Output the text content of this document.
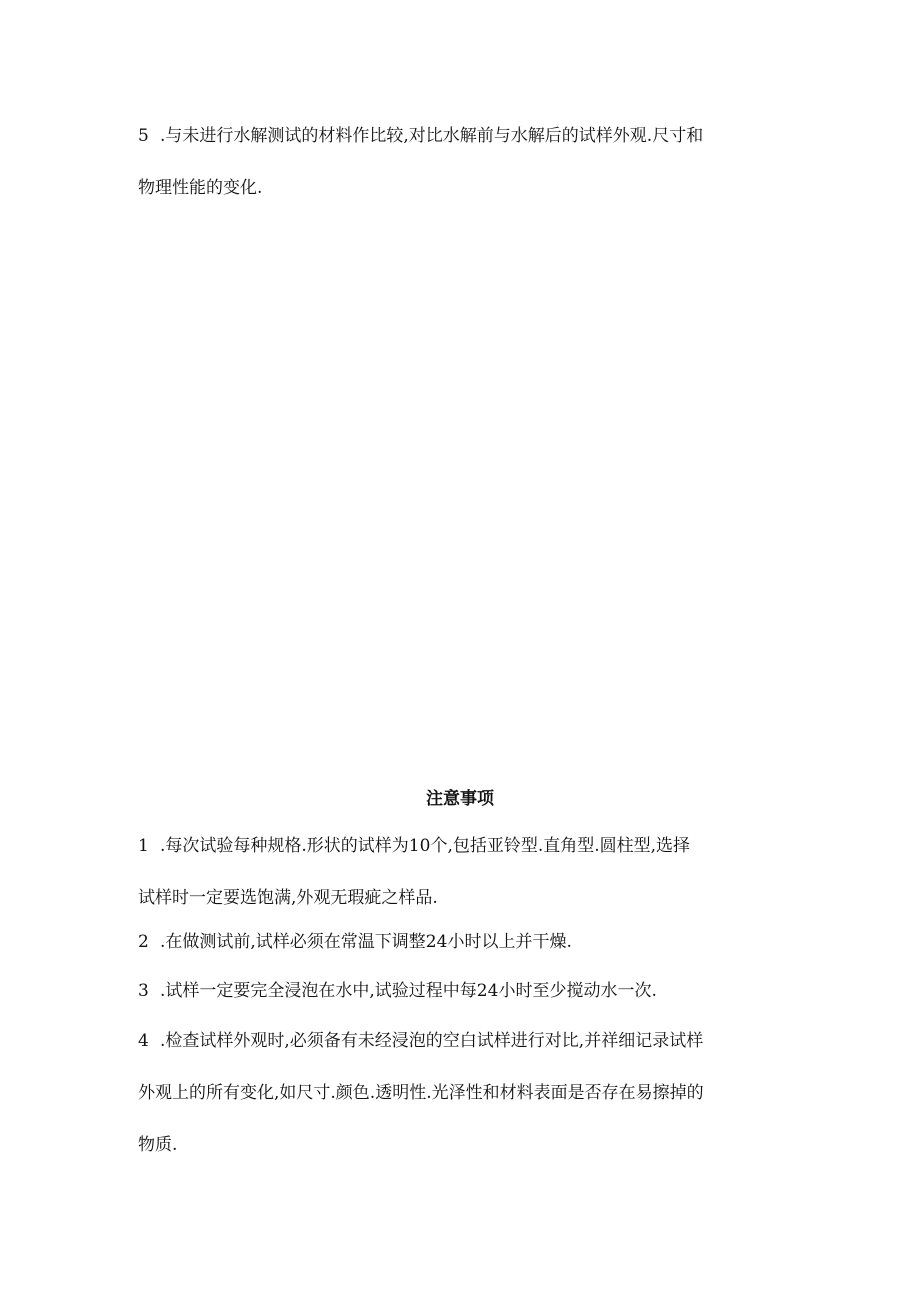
5 .与未进行水解测试的材料作比较,对比水解前与水解后的试样外观.尺寸和
物理性能的变化.
注意事项
1 .每次试验每种规格.形状的试样为10个,包括亚铃型.直角型.圆柱型,选择
试样时一定要选饱满,外观无瑕疵之样品.
2 .在做测试前,试样必须在常温下调整24小时以上并干燥.
3 .试样一定要完全浸泡在水中,试验过程中每24小时至少搅动水一次.
4 .检查试样外观时,必须备有未经浸泡的空白试样进行对比,并祥细记录试样
外观上的所有变化,如尺寸.颜色.透明性.光泽性和材料表面是否存在易擦掉的
物质.
